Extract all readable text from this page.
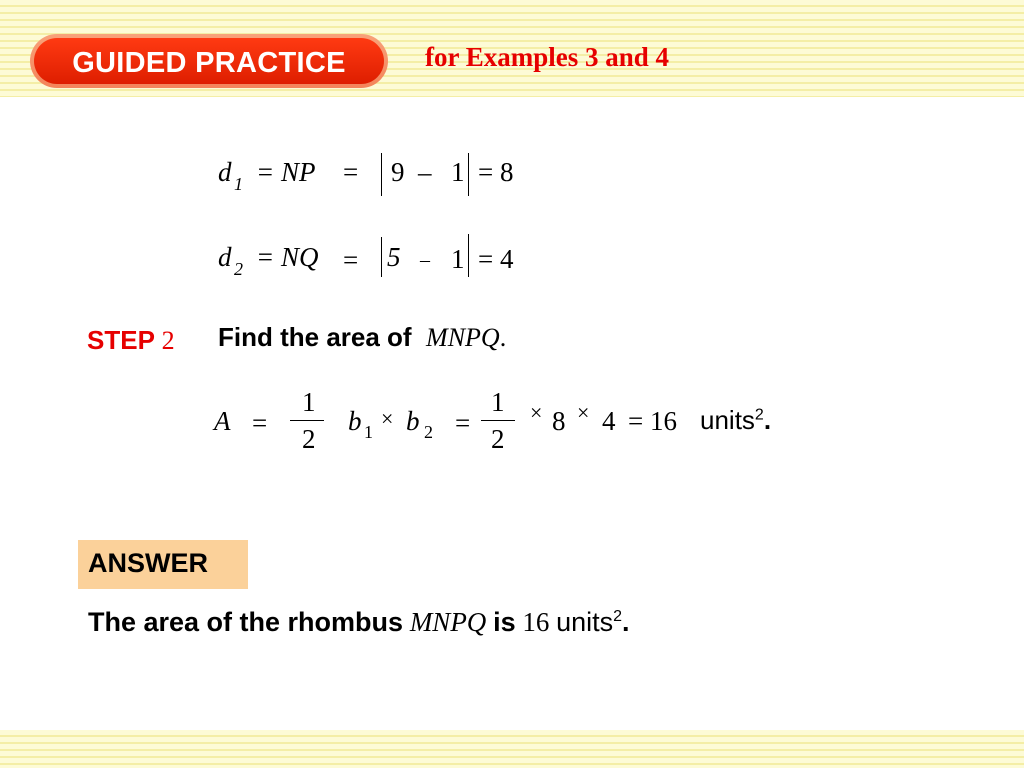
GUIDED PRACTICE	for Examples 3 and 4
d 1 = NP = 9 – 1 = 8
d 2 = NQ = 5 – 1 = 4
STEP 2 Find the area of MNPQ.
A =
1
2
b 1
× b 2 =
1
2
× 8 × 4 = 16 units$^2$.
ANSWER
The area of the rhombus MNPQ is 16 units$^2$.
